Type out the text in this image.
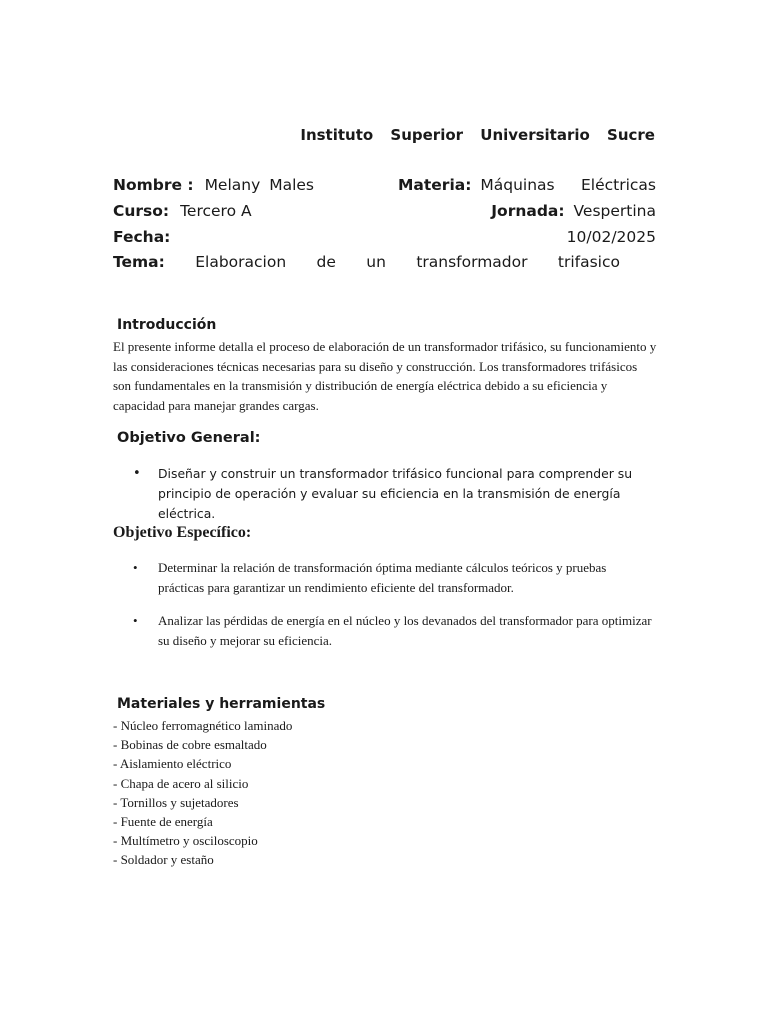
Instituto Superior Universitario Sucre
Nombre : Melany Males	Materia: Máquinas Eléctricas
Curso: Tercero A	Jornada: Vespertina
Fecha:	10/02/2025
Tema: Elaboracion de un transformador trifasico
Introducción
El presente informe detalla el proceso de elaboración de un transformador trifásico, su funcionamiento y las consideraciones técnicas necesarias para su diseño y construcción. Los transformadores trifásicos son fundamentales en la transmisión y distribución de energía eléctrica debido a su eficiencia y capacidad para manejar grandes cargas.
Objetivo General:
• Diseñar y construir un transformador trifásico funcional para comprender su principio de operación y evaluar su eficiencia en la transmisión de energía eléctrica.
Objetivo Específico:
• Determinar la relación de transformación óptima mediante cálculos teóricos y pruebas prácticas para garantizar un rendimiento eficiente del transformador.
• Analizar las pérdidas de energía en el núcleo y los devanados del transformador para optimizar su diseño y mejorar su eficiencia.
Materiales y herramientas
- Núcleo ferromagnético laminado
- Bobinas de cobre esmaltado
- Aislamiento eléctrico
- Chapa de acero al silicio
- Tornillos y sujetadores
- Fuente de energía
- Multímetro y osciloscopio
- Soldador y estaño
